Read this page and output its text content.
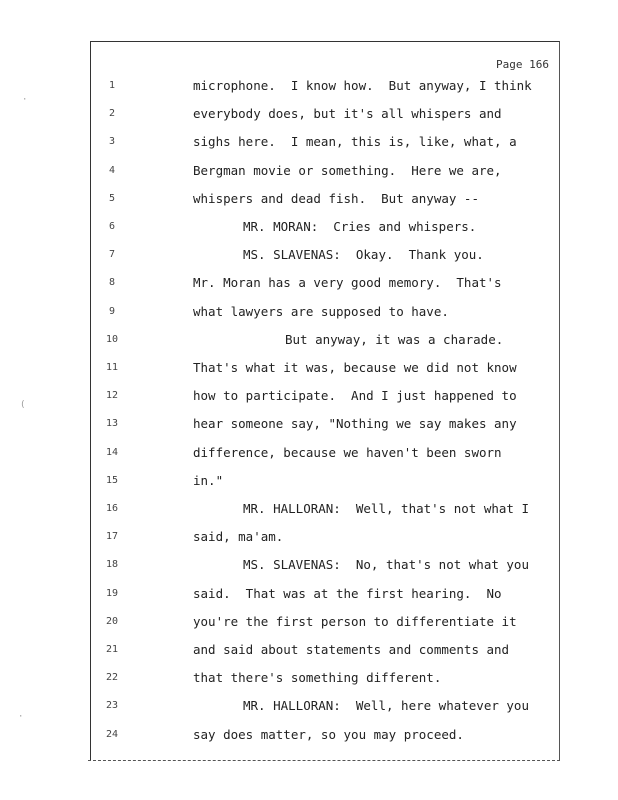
Page 166
1	microphone.  I know how.  But anyway, I think
2	everybody does, but it's all whispers and
3	sighs here.  I mean, this is, like, what, a
4	Bergman movie or something.  Here we are,
5	whispers and dead fish.  But anyway --
6	MR. MORAN:  Cries and whispers.
7	MS. SLAVENAS:  Okay.  Thank you.
8	Mr. Moran has a very good memory.  That's
9	what lawyers are supposed to have.
10	But anyway, it was a charade.
11	That's what it was, because we did not know
12	how to participate.  And I just happened to
13	hear someone say, "Nothing we say makes any
14	difference, because we haven't been sworn
15	in."
16	MR. HALLORAN:  Well, that's not what I
17	said, ma'am.
18	MS. SLAVENAS:  No, that's not what you
19	said.  That was at the first hearing.  No
20	you're the first person to differentiate it
21	and said about statements and comments and
22	that there's something different.
23	MR. HALLORAN:  Well, here whatever you
24	say does matter, so you may proceed.
·
(
·
